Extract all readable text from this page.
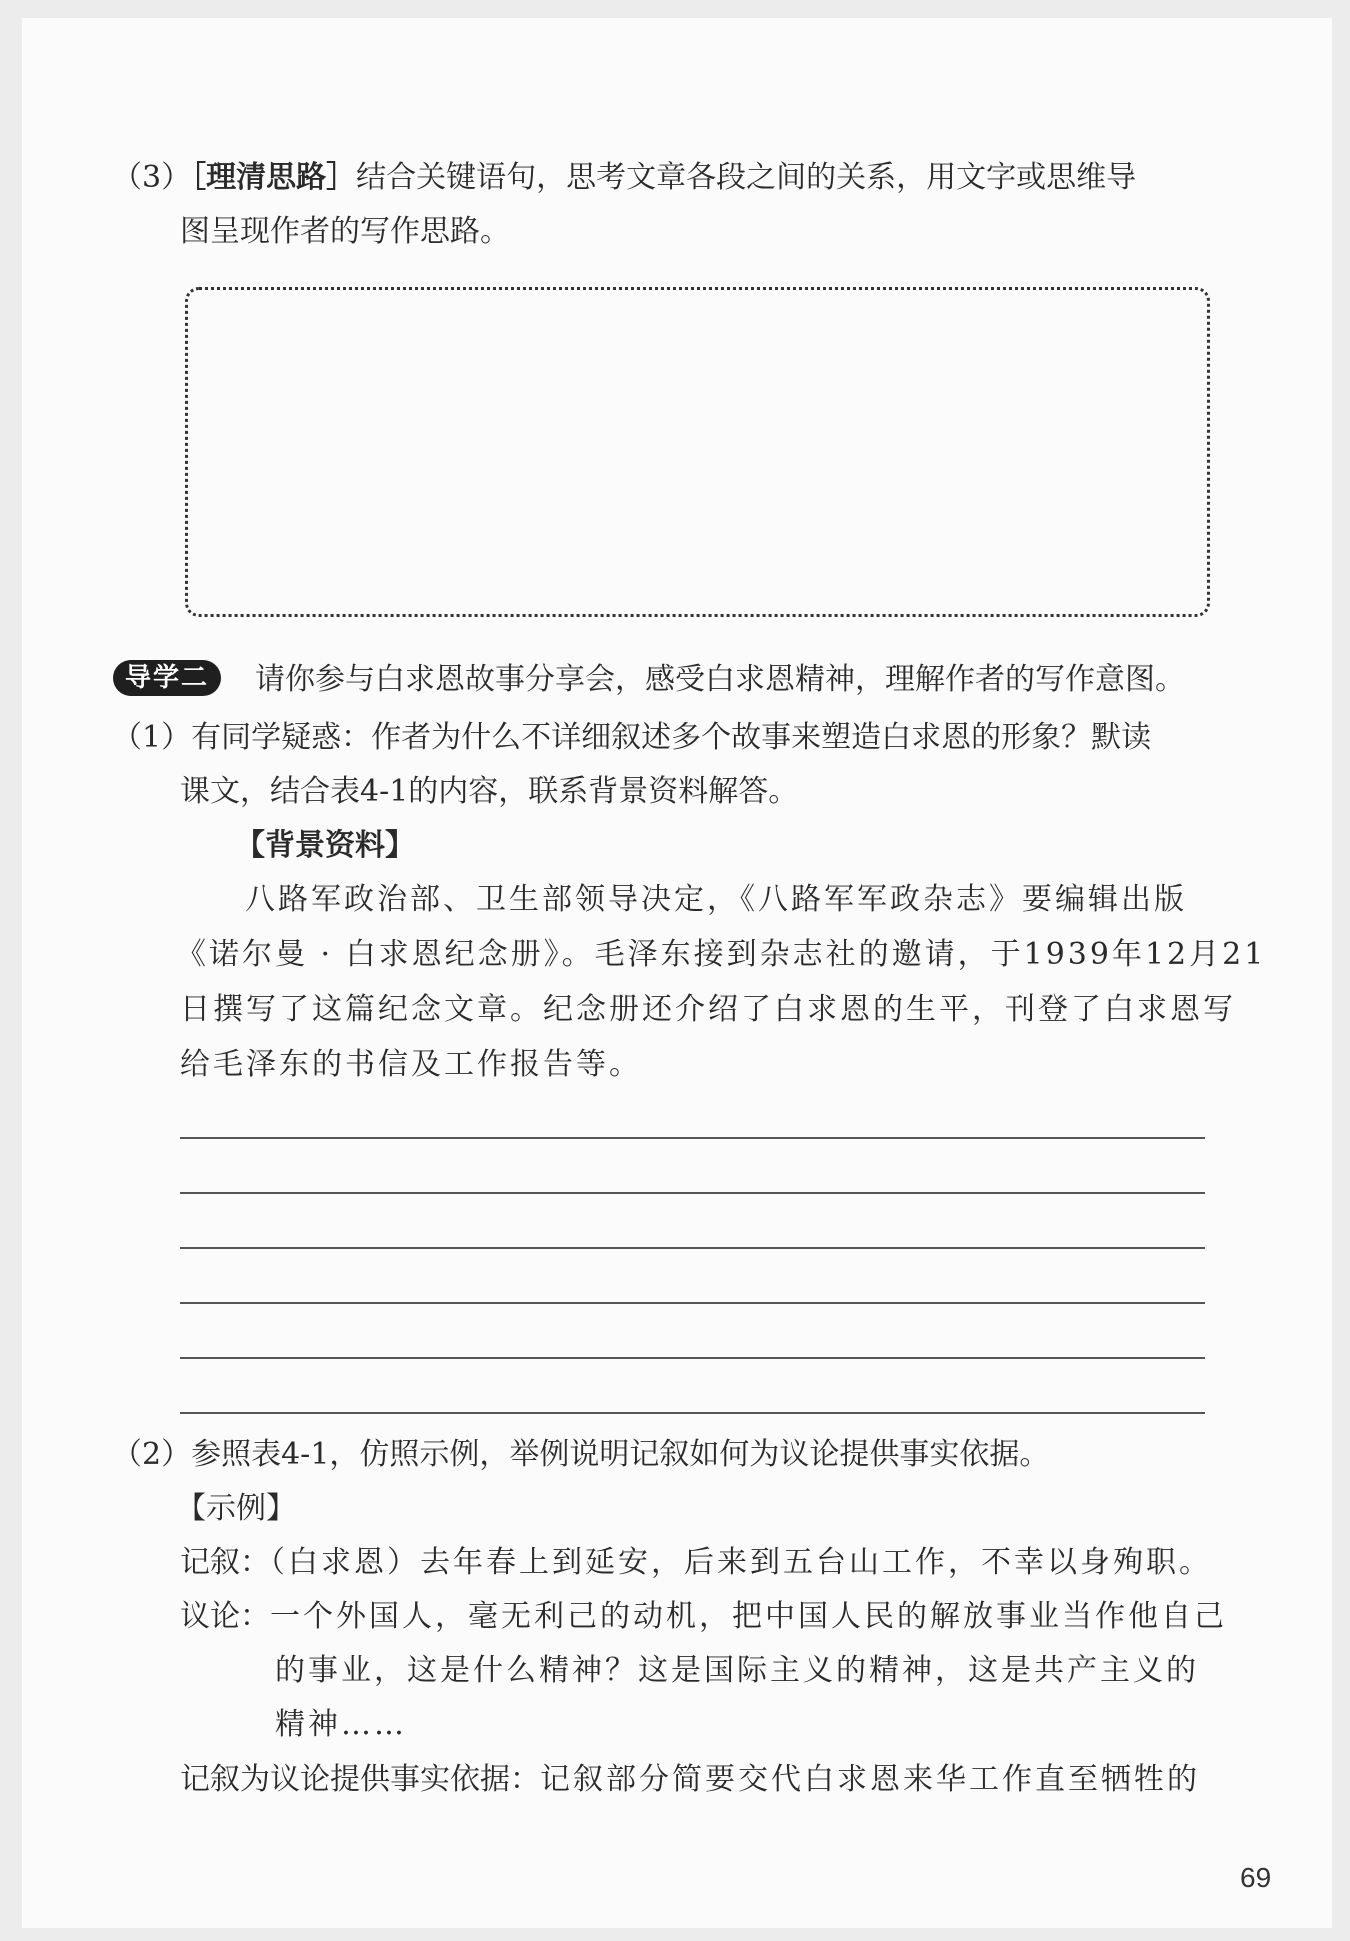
（3）［理清思路］结合关键语句，思考文章各段之间的关系，用文字或思维导
图呈现作者的写作思路。
导学二	请你参与白求恩故事分享会，感受白求恩精神，理解作者的写作意图。
（1）有同学疑惑：作者为什么不详细叙述多个故事来塑造白求恩的形象？默读
课文，结合表4-1的内容，联系背景资料解答。
【背景资料】
八路军政治部、卫生部领导决定，《八路军军政杂志》要编辑出版
《诺尔曼 · 白求恩纪念册》。毛泽东接到杂志社的邀请，于1939年12月21
日撰写了这篇纪念文章。纪念册还介绍了白求恩的生平，刊登了白求恩写
给毛泽东的书信及工作报告等。
（2）参照表4-1，仿照示例，举例说明记叙如何为议论提供事实依据。
【示例】
记叙：（白求恩）去年春上到延安，后来到五台山工作，不幸以身殉职。
议论：一个外国人，毫无利己的动机，把中国人民的解放事业当作他自己
的事业，这是什么精神？这是国际主义的精神，这是共产主义的
精神……
记叙为议论提供事实依据：记叙部分简要交代白求恩来华工作直至牺牲的
69
